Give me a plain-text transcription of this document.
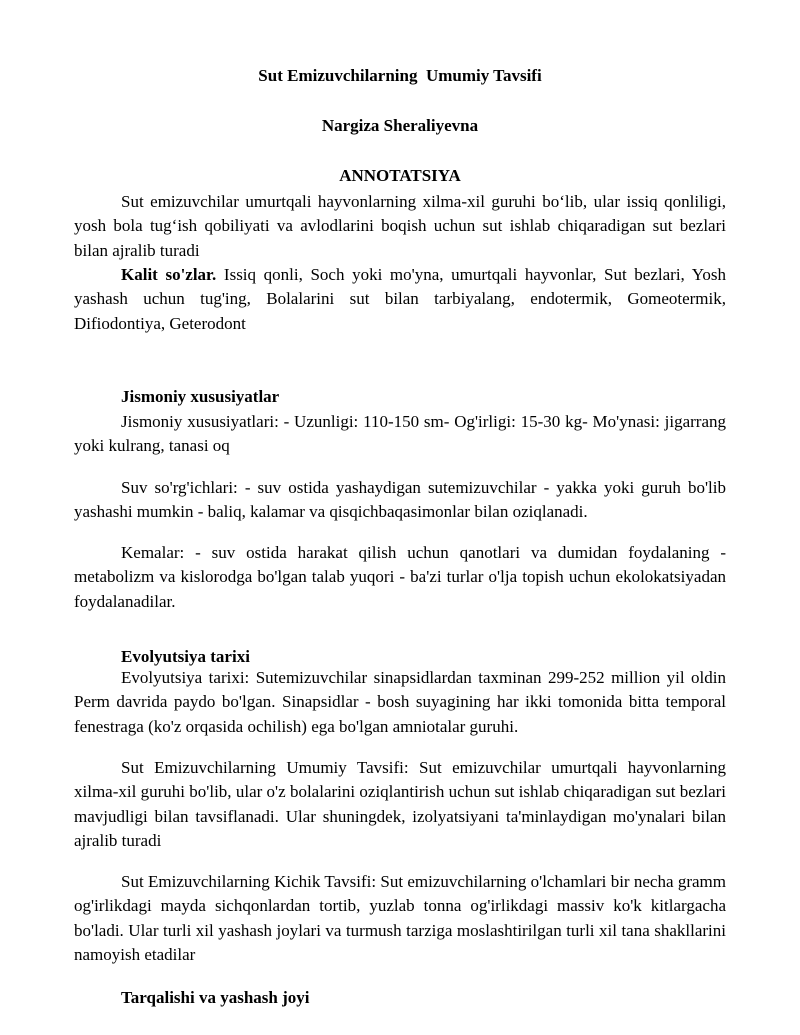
Sut Emizuvchilarning  Umumiy Tavsifi
Nargiza Sheraliyevna
ANNOTATSIYA

Sut emizuvchilar umurtqali hayvonlarning xilma-xil guruhi bo‘lib, ular issiq qonliligi, yosh bola tug‘ish qobiliyati va avlodlarini boqish uchun sut ishlab chiqaradigan sut bezlari bilan ajralib turadi

Kalit so'zlar. Issiq qonli, Soch yoki mo'yna, umurtqali hayvonlar, Sut bezlari, Yosh yashash uchun tug'ing, Bolalarini sut bilan tarbiyalang, endotermik, Gomeotermik, Difiodontiya, Geterodont

Jismoniy xususiyatlar

Jismoniy xususiyatlari: - Uzunligi: 110-150 sm- Og'irligi: 15-30 kg- Mo'ynasi: jigarrang yoki kulrang, tanasi oq

Suv so'rg'ichlari: - suv ostida yashaydigan sutemizuvchilar - yakka yoki guruh bo'lib yashashi mumkin - baliq, kalamar va qisqichbaqasimonlar bilan oziqlanadi.

Kemalar: - suv ostida harakat qilish uchun qanotlari va dumidan foydalaning - metabolizm va kislorodga bo'lgan talab yuqori - ba'zi turlar o'lja topish uchun ekolokatsiyadan foydalanadilar.

Evolyutsiya tarixi

Evolyutsiya tarixi: Sutemizuvchilar sinapsidlardan taxminan 299-252 million yil oldin Perm davrida paydo bo'lgan. Sinapsidlar - bosh suyagining har ikki tomonida bitta temporal fenestraga (ko'z orqasida ochilish) ega bo'lgan amniotalar guruhi.

Sut Emizuvchilarning Umumiy Tavsifi: Sut emizuvchilar umurtqali hayvonlarning xilma-xil guruhi bo'lib, ular o'z bolalarini oziqlantirish uchun sut ishlab chiqaradigan sut bezlari mavjudligi bilan tavsiflanadi. Ular shuningdek, izolyatsiyani ta'minlaydigan mo'ynalari bilan ajralib turadi

Sut Emizuvchilarning Kichik Tavsifi: Sut emizuvchilarning o'lchamlari bir necha gramm og'irlikdagi mayda sichqonlardan tortib, yuzlab tonna og'irlikdagi massiv ko'k kitlargacha bo'ladi. Ular turli xil yashash joylari va turmush tarziga moslashtirilgan turli xil tana shakllarini namoyish etadilar

Tarqalishi va yashash joyi
